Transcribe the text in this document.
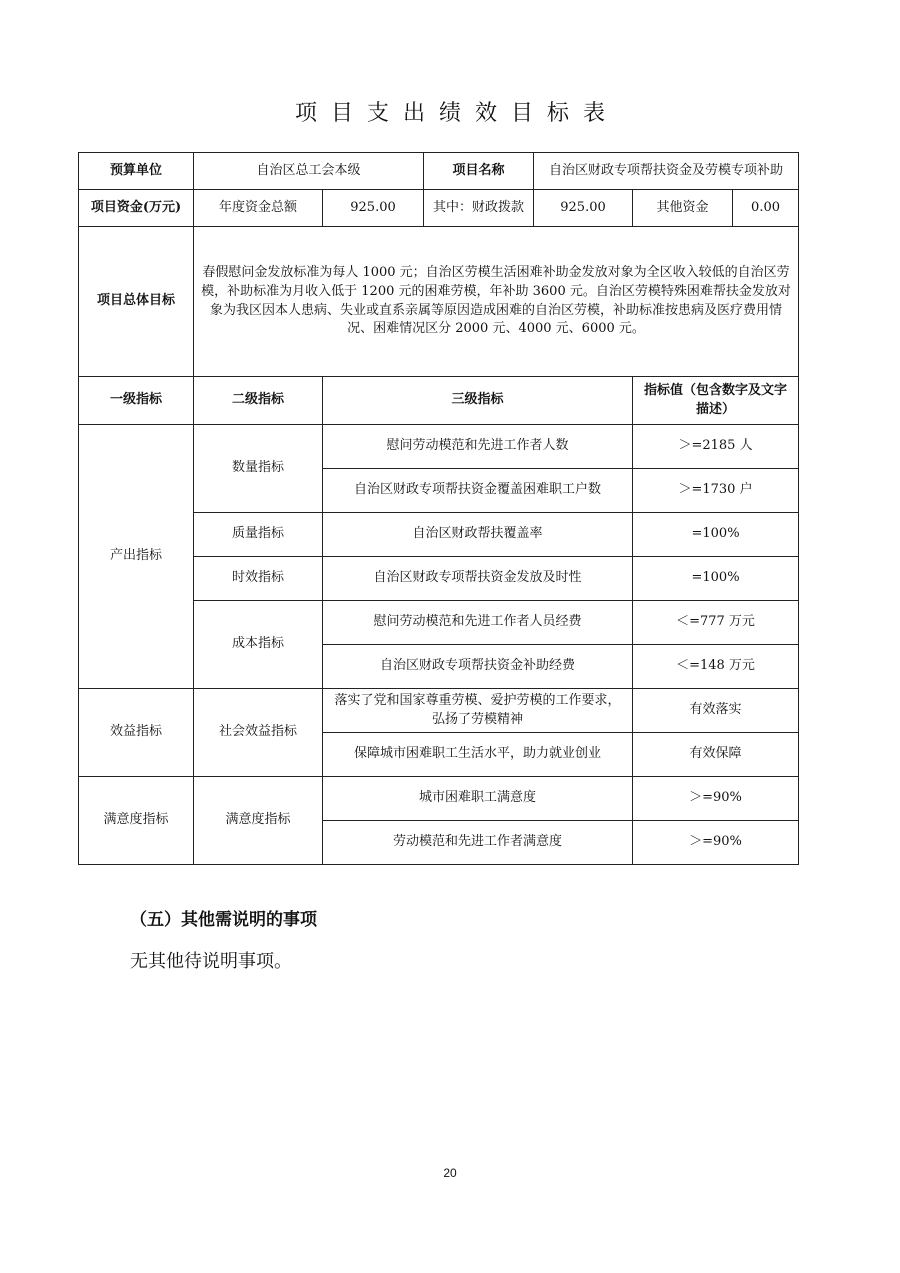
项目支出绩效目标表
预算单位	自治区总工会本级		项目名称	自治区财政专项帮扶资金及劳模专项补助		
项目资金(万元)	年度资金总额	925.00	其中：财政拨款	925.00	其他资金	0.00
项目总体目标	春假慰问金发放标准为每人 1000 元；自治区劳模生活困难补助金发放对象为全区收入较低的自治区劳模，补助标准为月收入低于 1200 元的困难劳模，年补助 3600 元。自治区劳模特殊困难帮扶金发放对象为我区因本人患病、失业或直系亲属等原因造成困难的自治区劳模，补助标准按患病及医疗费用情况、困难情况区分 2000 元、4000 元、6000 元。					
一级指标	二级指标	三级指标			指标值（包含数字及文字描述）	
产出指标	数量指标	慰问劳动模范和先进工作者人数			＞=2185 人	
		自治区财政专项帮扶资金覆盖困难职工户数			＞=1730 户	
	质量指标	自治区财政帮扶覆盖率			=100%	
	时效指标	自治区财政专项帮扶资金发放及时性			=100%	
	成本指标	慰问劳动模范和先进工作者人员经费			＜=777 万元	
		自治区财政专项帮扶资金补助经费			＜=148 万元	
效益指标	社会效益指标	落实了党和国家尊重劳模、爱护劳模的工作要求，弘扬了劳模精神			有效落实	
		保障城市困难职工生活水平，助力就业创业			有效保障	
满意度指标	满意度指标	城市困难职工满意度			＞=90%	
		劳动模范和先进工作者满意度			＞=90%	
（五）其他需说明的事项
无其他待说明事项。
20
